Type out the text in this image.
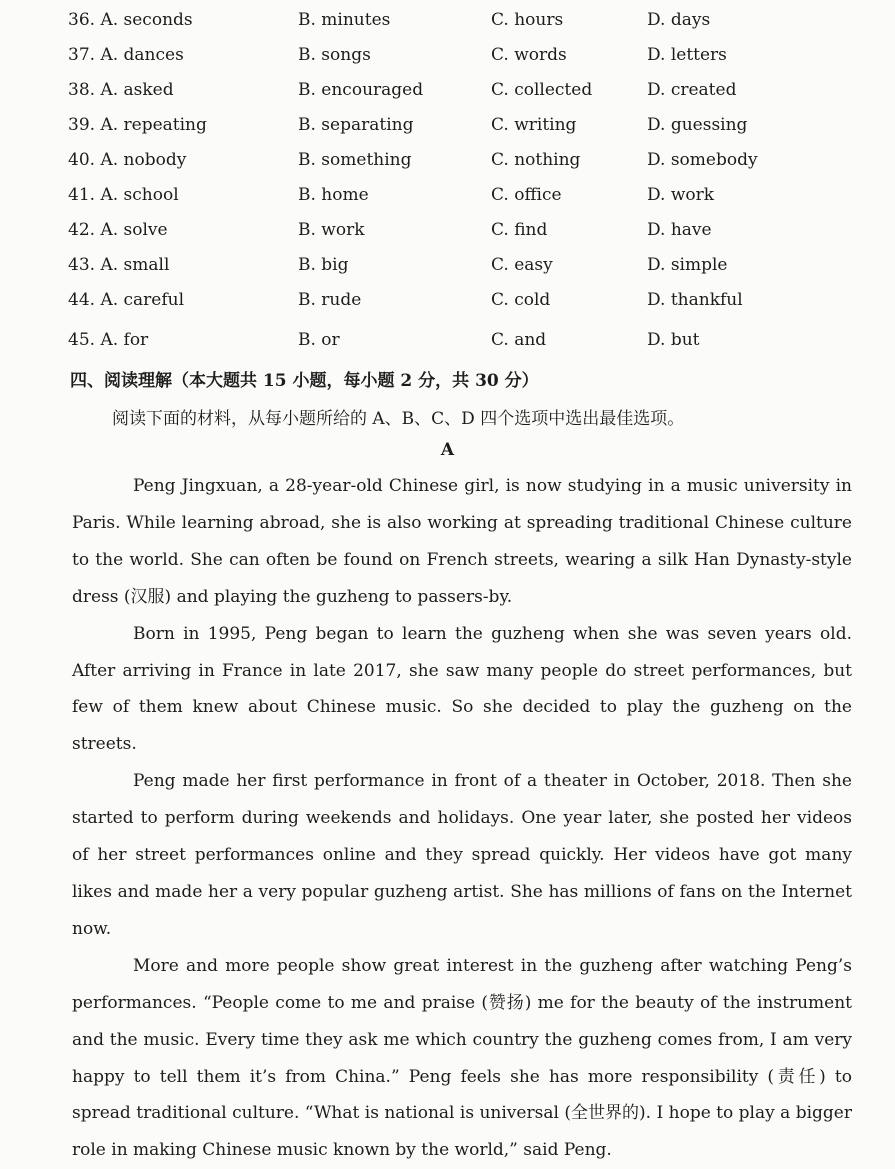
36. A. seconds	B. minutes	C. hours	D. days
37. A. dances	B. songs	C. words	D. letters
38. A. asked	B. encouraged	C. collected	D. created
39. A. repeating	B. separating	C. writing	D. guessing
40. A. nobody	B. something	C. nothing	D. somebody
41. A. school	B. home	C. office	D. work
42. A. solve	B. work	C. find	D. have
43. A. small	B. big	C. easy	D. simple
44. A. careful	B. rude	C. cold	D. thankful
45. A. for	B. or	C. and	D. but
四、阅读理解（本大题共 15 小题，每小题 2 分，共 30 分）
阅读下面的材料，从每小题所给的 A、B、C、D 四个选项中选出最佳选项。
A

Peng Jingxuan, a 28-year-old Chinese girl, is now studying in a music university in Paris. While learning abroad, she is also working at spreading traditional Chinese culture to the world. She can often be found on French streets, wearing a silk Han Dynasty-style dress (汉服) and playing the guzheng to passers-by.

Born in 1995, Peng began to learn the guzheng when she was seven years old. After arriving in France in late 2017, she saw many people do street performances, but few of them knew about Chinese music. So she decided to play the guzheng on the streets.

Peng made her first performance in front of a theater in October, 2018. Then she started to perform during weekends and holidays. One year later, she posted her videos of her street performances online and they spread quickly. Her videos have got many likes and made her a very popular guzheng artist. She has millions of fans on the Internet now.

More and more people show great interest in the guzheng after watching Peng’s performances. “People come to me and praise (赞扬) me for the beauty of the instrument and the music. Every time they ask me which country the guzheng comes from, I am very happy to tell them it’s from China.” Peng feels she has more responsibility (责任) to spread traditional culture. “What is national is universal (全世界的). I hope to play a bigger role in making Chinese music known by the world,” said Peng.
